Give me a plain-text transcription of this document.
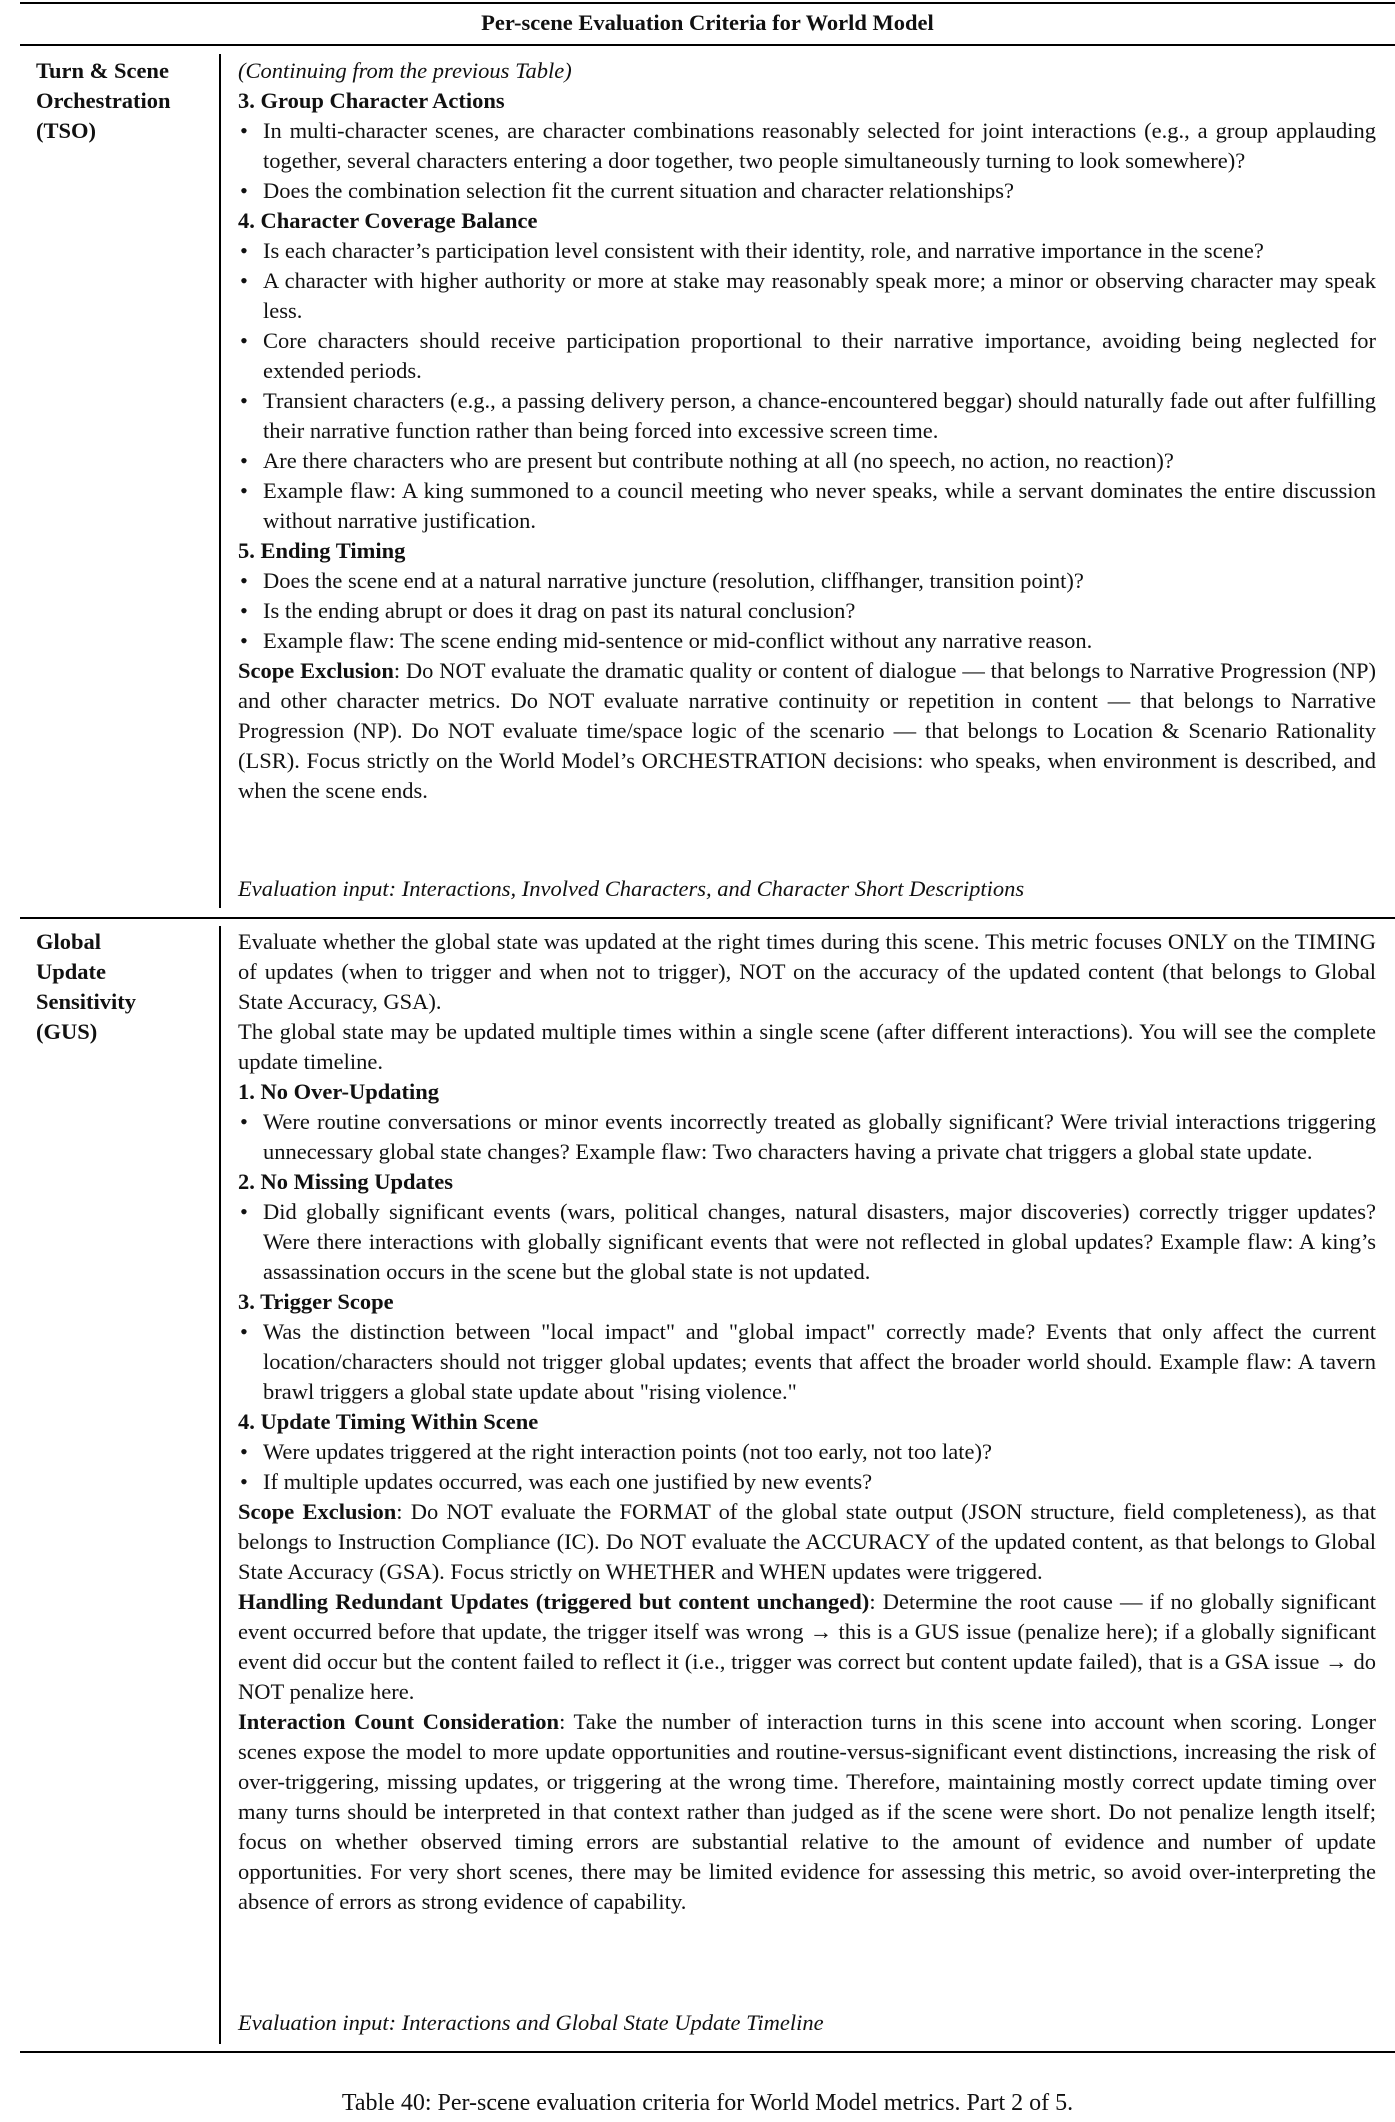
Per-scene Evaluation Criteria for World Model
Turn & Scene
Orchestration
(TSO)

(Continuing from the previous Table)

3. Group Character Actions

• In multi-character scenes, are character combinations reasonably selected for joint interactions (e.g., a group applauding together, several characters entering a door together, two people simultaneously turning to look somewhere)?
• Does the combination selection fit the current situation and character relationships?

4. Character Coverage Balance

• Is each character’s participation level consistent with their identity, role, and narrative importance in the scene?
• A character with higher authority or more at stake may reasonably speak more; a minor or observing character may speak less.
• Core characters should receive participation proportional to their narrative importance, avoiding being neglected for extended periods.
• Transient characters (e.g., a passing delivery person, a chance-encountered beggar) should naturally fade out after fulfilling their narrative function rather than being forced into excessive screen time.
• Are there characters who are present but contribute nothing at all (no speech, no action, no reaction)?
• Example flaw: A king summoned to a council meeting who never speaks, while a servant dominates the entire discussion without narrative justification.

5. Ending Timing

• Does the scene end at a natural narrative juncture (resolution, cliffhanger, transition point)?
• Is the ending abrupt or does it drag on past its natural conclusion?
• Example flaw: The scene ending mid-sentence or mid-conflict without any narrative reason.

Scope Exclusion: Do NOT evaluate the dramatic quality or content of dialogue — that belongs to Narrative Progression (NP) and other character metrics. Do NOT evaluate narrative continuity or repetition in content — that belongs to Narrative Progression (NP). Do NOT evaluate time/space logic of the scenario — that belongs to Location & Scenario Rationality (LSR). Focus strictly on the World Model’s ORCHESTRATION decisions: who speaks, when environment is described, and when the scene ends.

Evaluation input: Interactions, Involved Characters, and Character Short Descriptions
Global
Update
Sensitivity
(GUS)

Evaluate whether the global state was updated at the right times during this scene. This metric focuses ONLY on the TIMING of updates (when to trigger and when not to trigger), NOT on the accuracy of the updated content (that belongs to Global State Accuracy, GSA).

The global state may be updated multiple times within a single scene (after different interactions). You will see the complete update timeline.

1. No Over-Updating

• Were routine conversations or minor events incorrectly treated as globally significant? Were trivial interactions triggering unnecessary global state changes? Example flaw: Two characters having a private chat triggers a global state update.

2. No Missing Updates

• Did globally significant events (wars, political changes, natural disasters, major discoveries) correctly trigger updates? Were there interactions with globally significant events that were not reflected in global updates? Example flaw: A king’s assassination occurs in the scene but the global state is not updated.

3. Trigger Scope

• Was the distinction between "local impact" and "global impact" correctly made? Events that only affect the current location/characters should not trigger global updates; events that affect the broader world should. Example flaw: A tavern brawl triggers a global state update about "rising violence."

4. Update Timing Within Scene

• Were updates triggered at the right interaction points (not too early, not too late)?
• If multiple updates occurred, was each one justified by new events?

Scope Exclusion: Do NOT evaluate the FORMAT of the global state output (JSON structure, field completeness), as that belongs to Instruction Compliance (IC). Do NOT evaluate the ACCURACY of the updated content, as that belongs to Global State Accuracy (GSA). Focus strictly on WHETHER and WHEN updates were triggered.

Handling Redundant Updates (triggered but content unchanged): Determine the root cause — if no globally significant event occurred before that update, the trigger itself was wrong → this is a GUS issue (penalize here); if a globally significant event did occur but the content failed to reflect it (i.e., trigger was correct but content update failed), that is a GSA issue → do NOT penalize here.

Interaction Count Consideration: Take the number of interaction turns in this scene into account when scoring. Longer scenes expose the model to more update opportunities and routine-versus-significant event distinctions, increasing the risk of over-triggering, missing updates, or triggering at the wrong time. Therefore, maintaining mostly correct update timing over many turns should be interpreted in that context rather than judged as if the scene were short. Do not penalize length itself; focus on whether observed timing errors are substantial relative to the amount of evidence and number of update opportunities. For very short scenes, there may be limited evidence for assessing this metric, so avoid over-interpreting the absence of errors as strong evidence of capability.

Evaluation input: Interactions and Global State Update Timeline
Table 40: Per-scene evaluation criteria for World Model metrics. Part 2 of 5.
